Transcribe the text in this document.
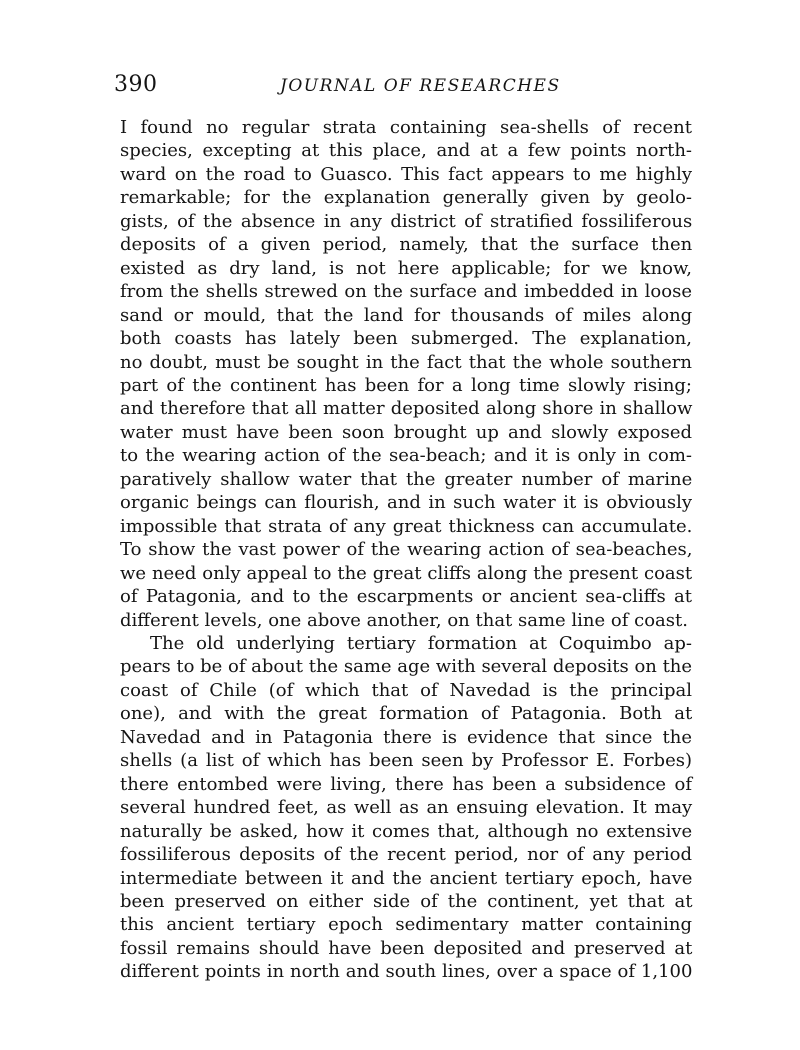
390	JOURNAL OF RESEARCHES
I found no regular strata containing sea-shells of recent
species, excepting at this place, and at a few points north-
ward on the road to Guasco. This fact appears to me highly
remarkable; for the explanation generally given by geolo-
gists, of the absence in any district of stratified fossiliferous
deposits of a given period, namely, that the surface then
existed as dry land, is not here applicable; for we know,
from the shells strewed on the surface and imbedded in loose
sand or mould, that the land for thousands of miles along
both coasts has lately been submerged. The explanation,
no doubt, must be sought in the fact that the whole southern
part of the continent has been for a long time slowly rising;
and therefore that all matter deposited along shore in shallow
water must have been soon brought up and slowly exposed
to the wearing action of the sea-beach; and it is only in com-
paratively shallow water that the greater number of marine
organic beings can flourish, and in such water it is obviously
impossible that strata of any great thickness can accumulate.
To show the vast power of the wearing action of sea-beaches,
we need only appeal to the great cliffs along the present coast
of Patagonia, and to the escarpments or ancient sea-cliffs at
different levels, one above another, on that same line of coast.
The old underlying tertiary formation at Coquimbo ap-
pears to be of about the same age with several deposits on the
coast of Chile (of which that of Navedad is the principal
one), and with the great formation of Patagonia. Both at
Navedad and in Patagonia there is evidence that since the
shells (a list of which has been seen by Professor E. Forbes)
there entombed were living, there has been a subsidence of
several hundred feet, as well as an ensuing elevation. It may
naturally be asked, how it comes that, although no extensive
fossiliferous deposits of the recent period, nor of any period
intermediate between it and the ancient tertiary epoch, have
been preserved on either side of the continent, yet that at
this ancient tertiary epoch sedimentary matter containing
fossil remains should have been deposited and preserved at
different points in north and south lines, over a space of 1,100
